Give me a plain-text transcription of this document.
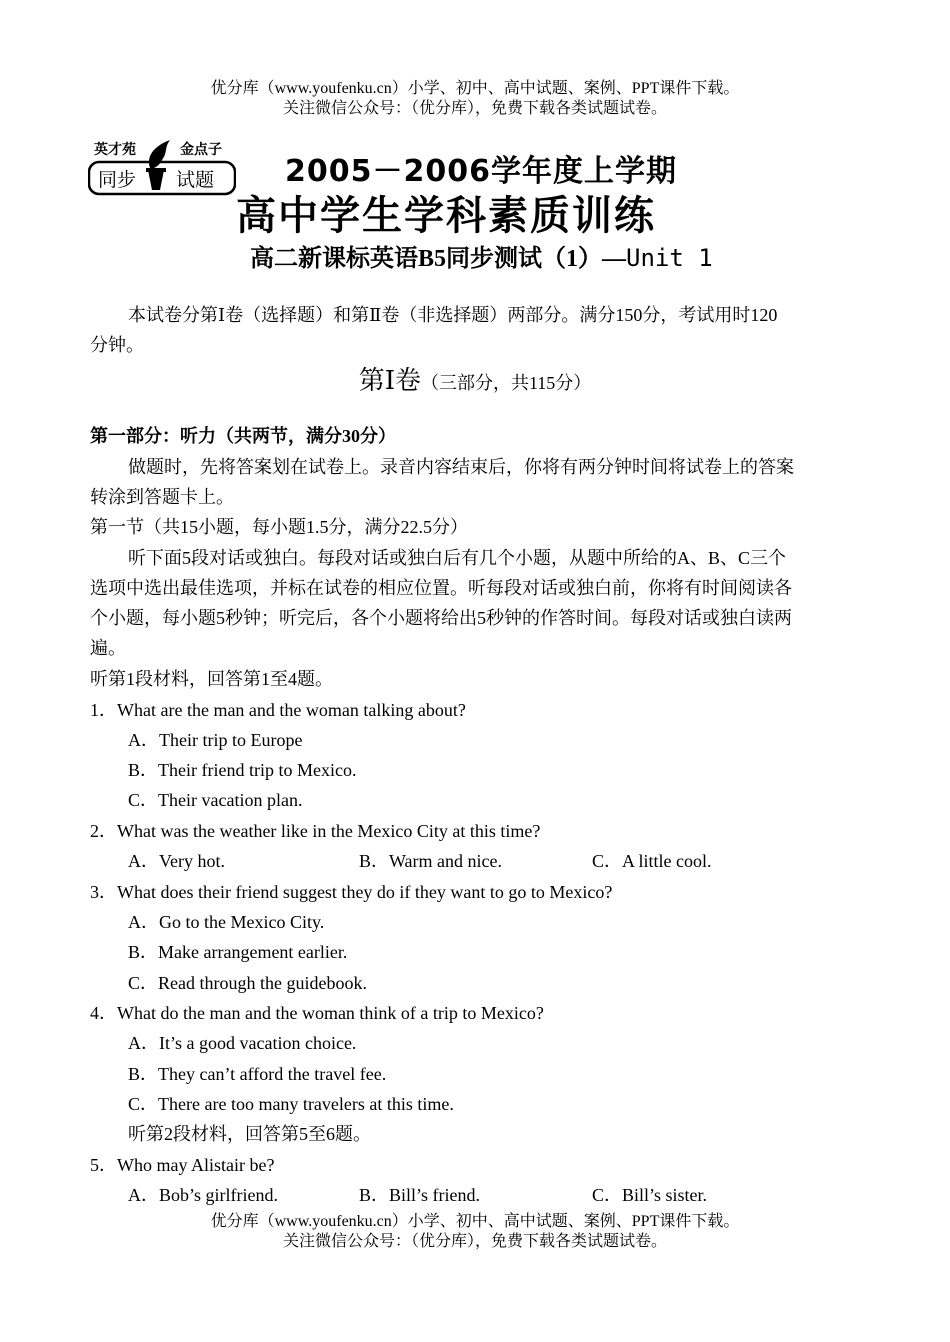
优分库（www.youfenku.cn）小学、初中、高中试题、案例、PPT课件下载。
关注微信公众号：（优分库），免费下载各类试题试卷。
英才苑	金点子
同步 试题 2005－2006学年度上学期
高中学生学科素质训练
高二新课标英语B5同步测试（1）—Unit 1
本试卷分第Ⅰ卷（选择题）和第Ⅱ卷（非选择题）两部分。满分150分，考试用时120
分钟。
第Ⅰ卷（三部分，共115分）
第一部分：听力（共两节，满分30分）
做题时，先将答案划在试卷上。录音内容结束后，你将有两分钟时间将试卷上的答案
转涂到答题卡上。
第一节（共15小题，每小题1.5分，满分22.5分）
听下面5段对话或独白。每段对话或独白后有几个小题，从题中所给的A、B、C三个
选项中选出最佳选项，并标在试卷的相应位置。听每段对话或独白前，你将有时间阅读各
个小题，每小题5秒钟；听完后，各个小题将给出5秒钟的作答时间。每段对话或独白读两
遍。
听第1段材料，回答第1至4题。
1．What are the man and the woman talking about?
A．Their trip to Europe
B．Their friend trip to Mexico.
C．Their vacation plan.
2．What was the weather like in the Mexico City at this time?
A．Very hot.	B．Warm and nice.	C．A little cool.
3．What does their friend suggest they do if they want to go to Mexico?
A．Go to the Mexico City.
B．Make arrangement earlier.
C．Read through the guidebook.
4．What do the man and the woman think of a trip to Mexico?
A．It’s a good vacation choice.
B．They can’t afford the travel fee.
C．There are too many travelers at this time.
听第2段材料，回答第5至6题。
5．Who may Alistair be?
A．Bob’s girlfriend.	B．Bill’s friend.	C．Bill’s sister.
优分库（www.youfenku.cn）小学、初中、高中试题、案例、PPT课件下载。
关注微信公众号：（优分库），免费下载各类试题试卷。
